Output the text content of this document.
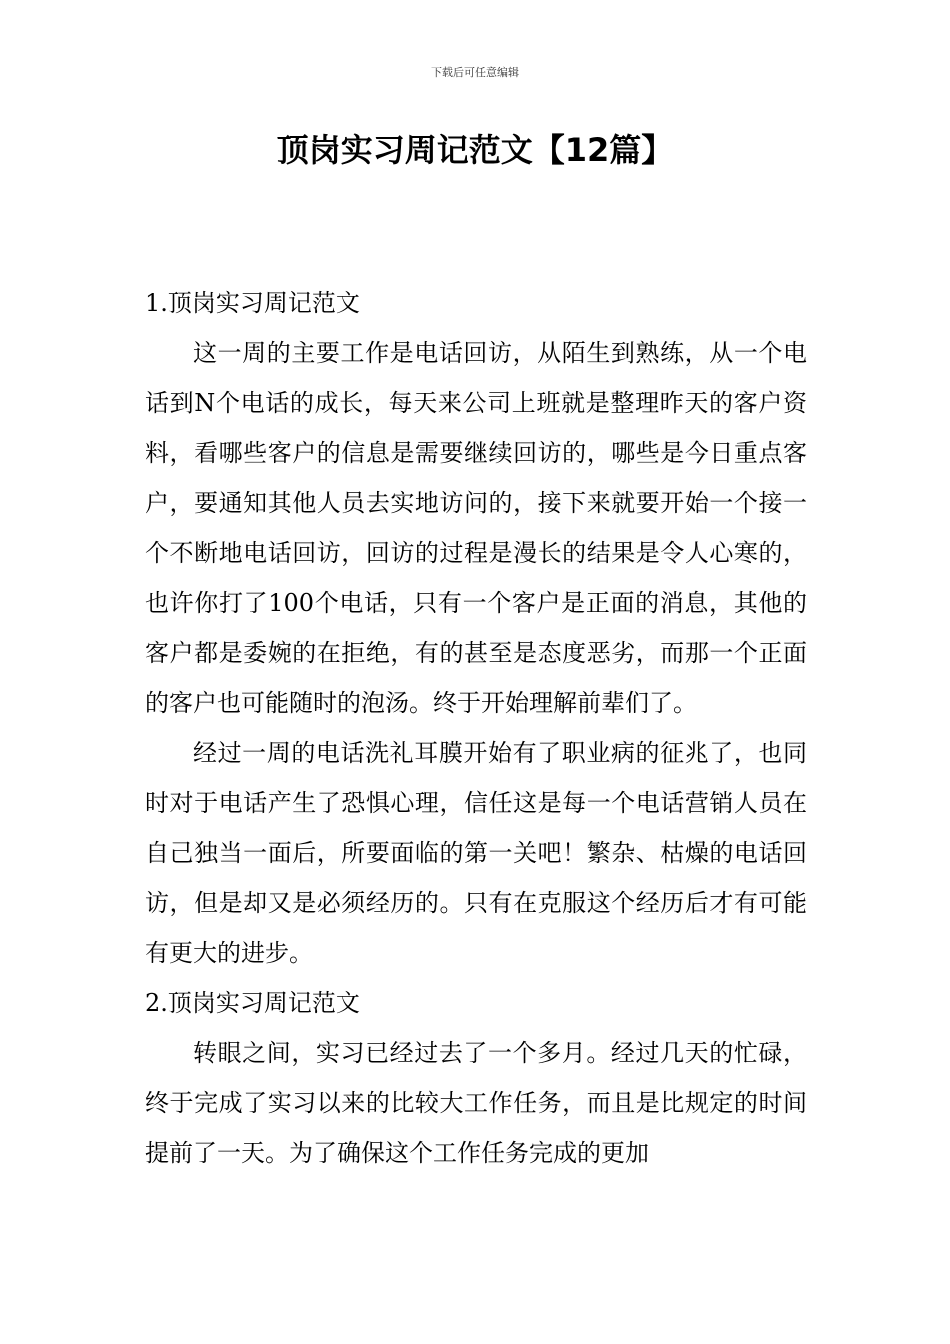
下载后可任意编辑
顶岗实习周记范文【12篇】
1.顶岗实习周记范文

这一周的主要工作是电话回访，从陌生到熟练，从一个电话到N个电话的成长，每天来公司上班就是整理昨天的客户资料，看哪些客户的信息是需要继续回访的，哪些是今日重点客户，要通知其他人员去实地访问的，接下来就要开始一个接一个不断地电话回访，回访的过程是漫长的结果是令人心寒的，也许你打了100个电话，只有一个客户是正面的消息，其他的客户都是委婉的在拒绝，有的甚至是态度恶劣，而那一个正面的客户也可能随时的泡汤。终于开始理解前辈们了。

经过一周的电话洗礼耳膜开始有了职业病的征兆了，也同时对于电话产生了恐惧心理，信任这是每一个电话营销人员在自己独当一面后，所要面临的第一关吧！繁杂、枯燥的电话回访，但是却又是必须经历的。只有在克服这个经历后才有可能有更大的进步。

2.顶岗实习周记范文

转眼之间，实习已经过去了一个多月。经过几天的忙碌，终于完成了实习以来的比较大工作任务，而且是比规定的时间提前了一天。为了确保这个工作任务完成的更加
